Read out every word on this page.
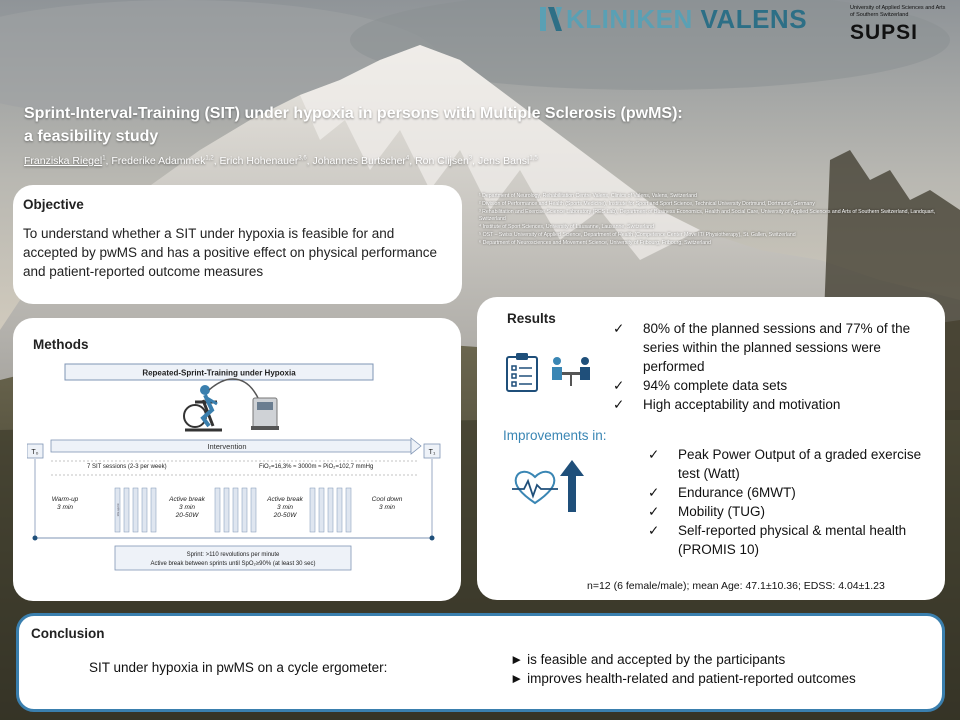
KLINIKEN VALENS	University of Applied Sciences and Arts
of Southern Switzerland
SUPSI
Sprint-Interval-Training (SIT) under hypoxia in persons with Multiple Sclerosis (pwMS):
a feasibility study
Franziska Riegel$^1$, Frederike Adammek$^{1,2}$, Erich Hohenauer$^{3,6}$, Johannes Burtscher$^4$, Ron Clijsen$^3$, Jens Bansi$^{1,5}$
¹ Department of Neurology, Rehabilitation Centre Valens, Clinics of Valens, Valens, Switzerland
² Division of Performance and Health (Sports Medicine), Institute for Sport and Sport Science, Technical University Dortmund, Dortmund, Germany
³ Rehabilitation and Exercise Science Laboratory (RES Lab), Department of Business Economics, Health and Social Care, University of Applied Sciences and Arts of Southern Switzerland, Landquart, Switzerland
⁴ Institute of Sport Sciences, University of Lausanne, Lausanne, Switzerland
⁵ OST – Swiss University of Applied Science, Department of Health (Competence Center Move IT/ Physiotherapy), St. Gallen, Switzerland
⁶ Department of Neurosciences and Movement Science, University of Fribourg, Fribourg, Switzerland
Objective

To understand whether a SIT under hypoxia is feasible for and accepted by pwMS and has a positive effect on physical performance and patient-reported outcome measures

Methods
Repeated-Sprint-Training under Hypoxia
Intervention
T₀	T₁
7 SIT sessions (2-3 per week)	FiO₂=16,3% ≈ 3000m ≈ PiO₂=102,7 mmHg
Warm-up
3 min	10s sprint
Active break
3 min
20-50W
Active break
3 min
20-50W
Cool down
3 min
Sprint: >110 revolutions per minute
Active break between sprints until SpO₂≥90% (at least 30 sec)
Results
✓ 80% of the planned sessions and 77% of the series within the planned sessions were performed
✓ 94% complete data sets
✓ High acceptability and motivation
Improvements in:
✓ Peak Power Output of a graded exercise test (Watt)
✓ Endurance (6MWT)
✓ Mobility (TUG)
✓ Self-reported physical & mental health (PROMIS 10)
n=12 (6 female/male); mean Age: 47.1±10.36; EDSS: 4.04±1.23
Conclusion
SIT under hypoxia in pwMS on a cycle ergometer:
► is feasible and accepted by the participants
► improves health-related and patient-reported outcomes
